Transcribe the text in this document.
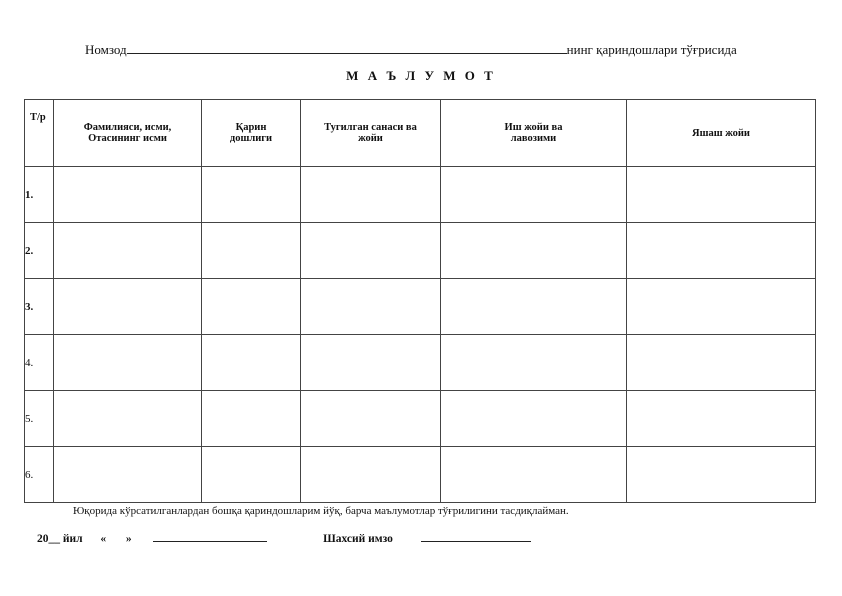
Номзод	нинг қариндошлари тўғрисида
М А Ъ Л У М О Т
Т/р	Фамилияси, исми, Отасининг исми	Қарин дошлиги	Тугилган санаси ва жойи	Иш жойи ва лавозими	Яшаш жойи
1.					
2.					
3.					
4.					
5.					
6.					
Юқорида кўрсатилганлардан бошқа қариндошларим йўқ, барча маълумотлар тўғрилигини тасдиқлайман.
20__ йил « »	Шахсий имзо
